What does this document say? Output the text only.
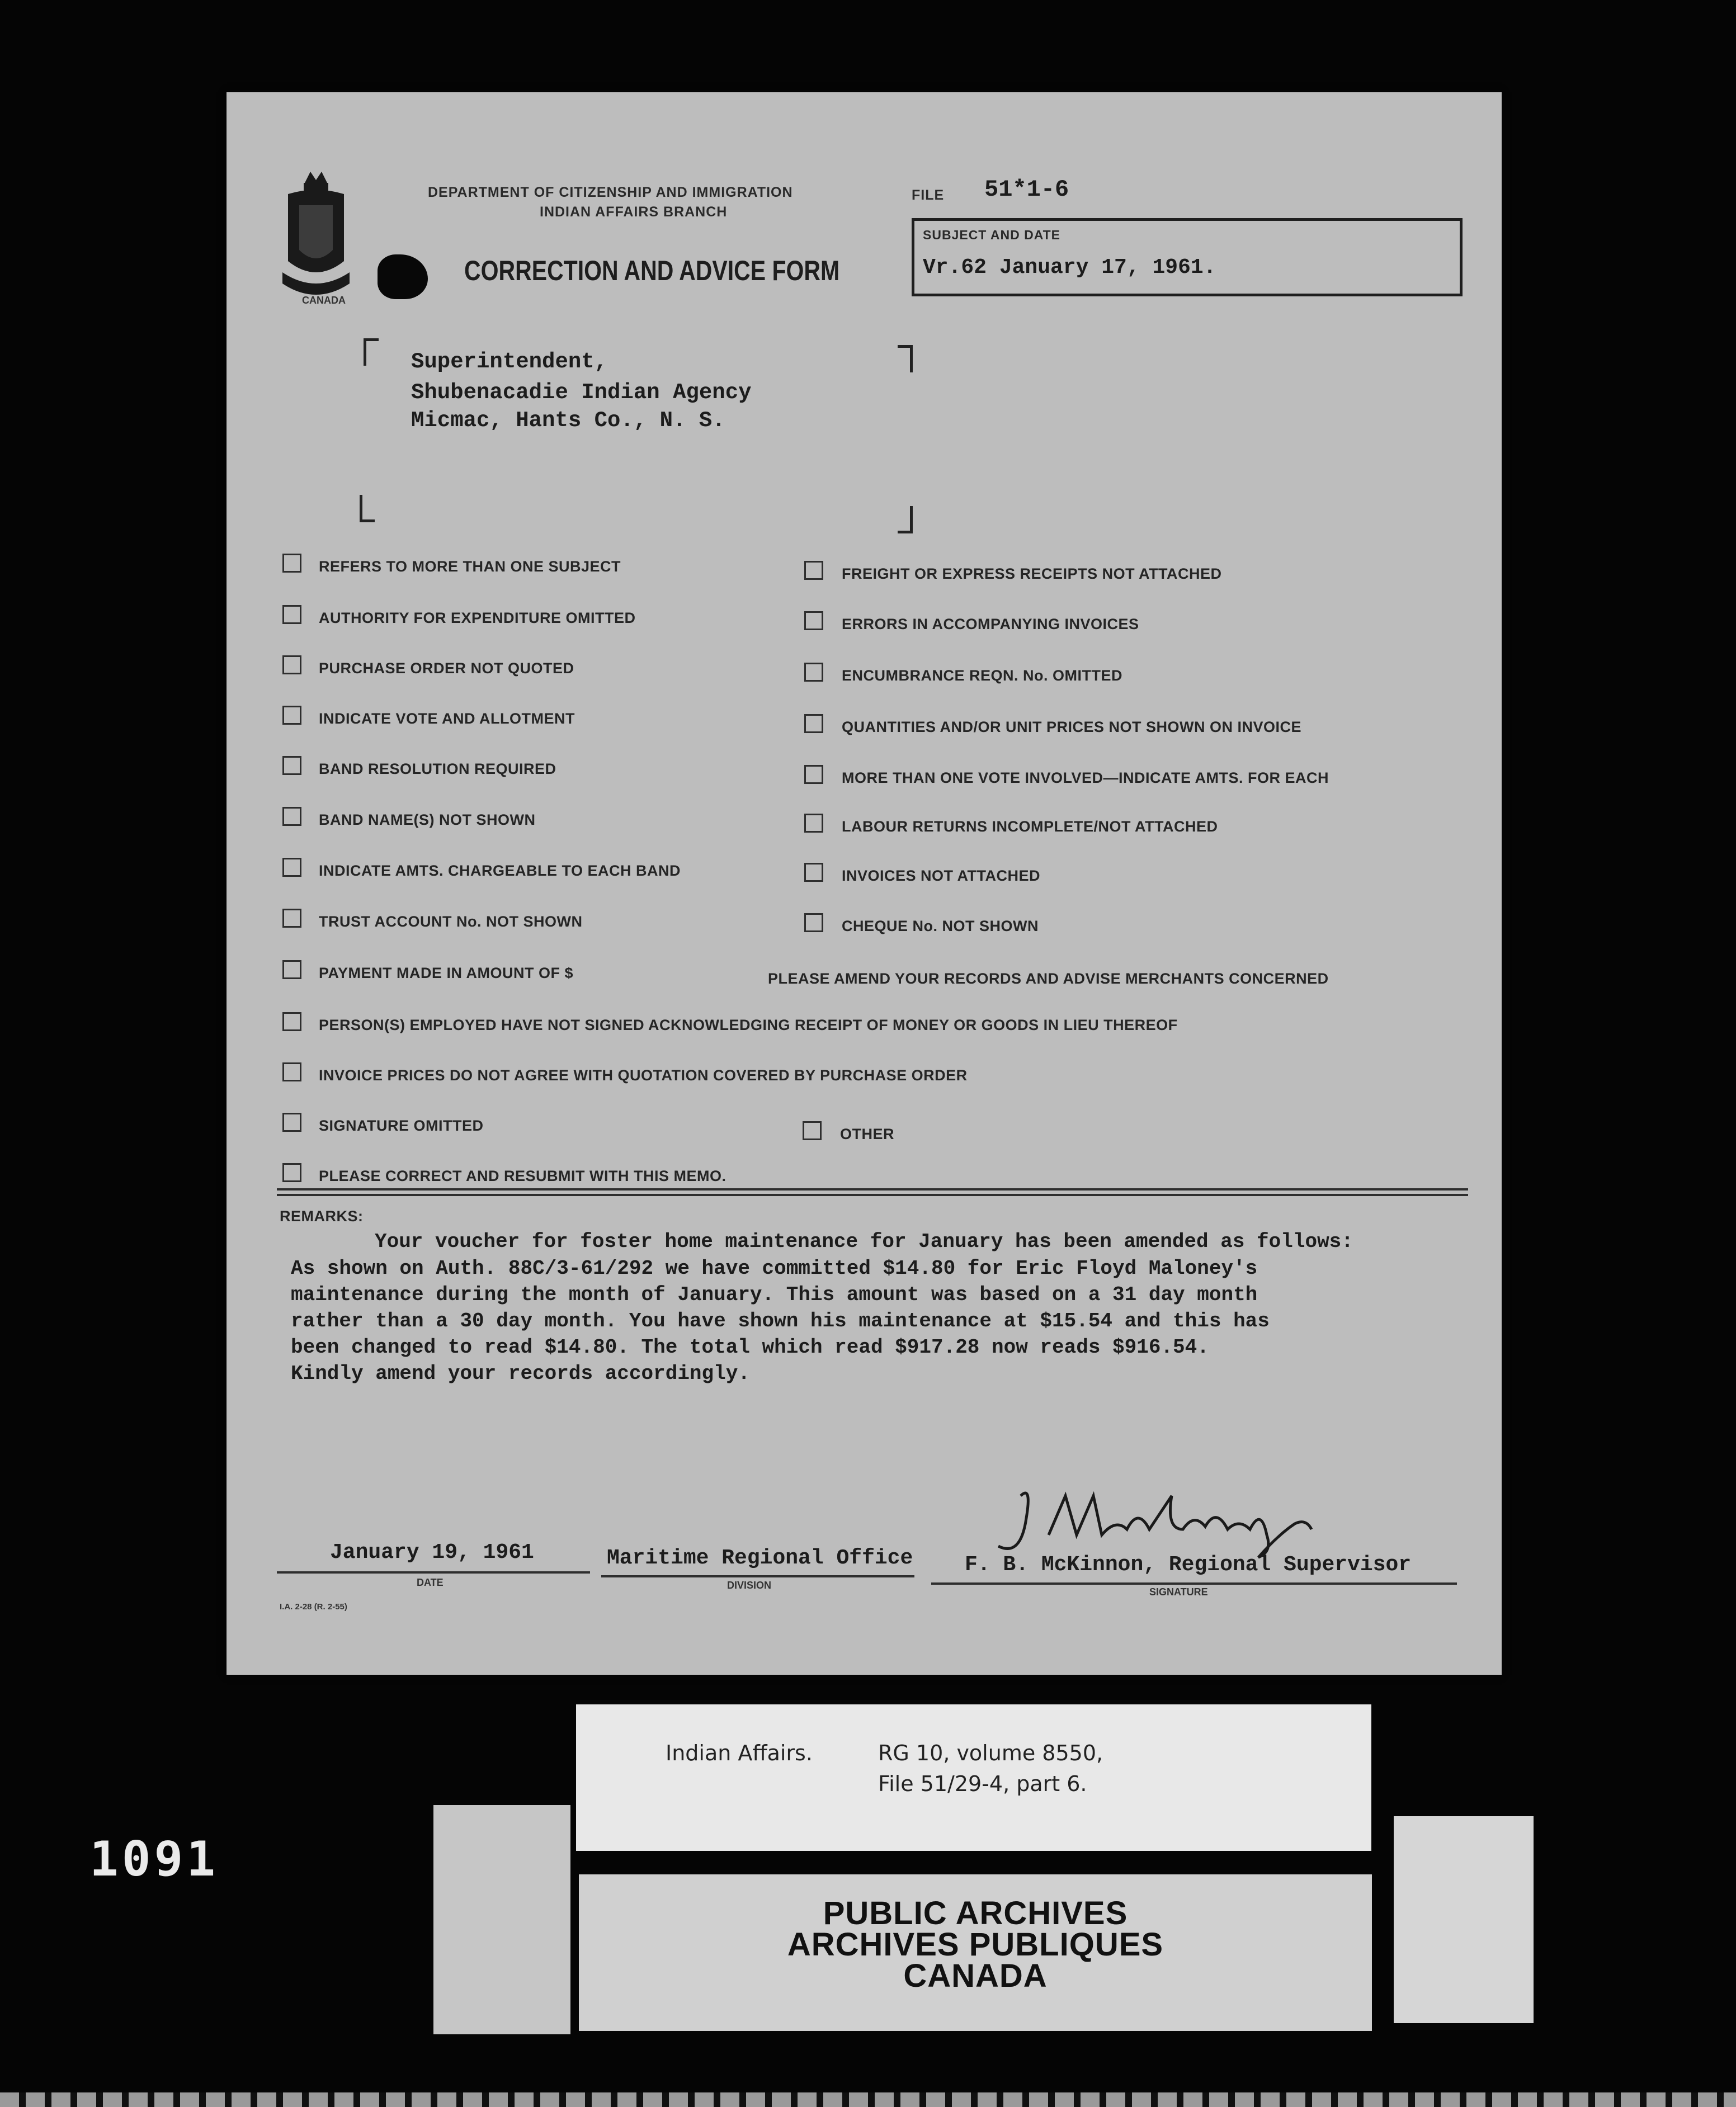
1091
CANADA
DEPARTMENT OF CITIZENSHIP AND IMMIGRATION
INDIAN AFFAIRS BRANCH
CORRECTION AND ADVICE FORM
FILE 51*1-6
SUBJECT AND DATE
Vr.62 January 17, 1961.
Superintendent,
Shubenacadie Indian Agency
Micmac, Hants Co., N. S.
REFERS TO MORE THAN ONE SUBJECT
AUTHORITY FOR EXPENDITURE OMITTED
PURCHASE ORDER NOT QUOTED
INDICATE VOTE AND ALLOTMENT
BAND RESOLUTION REQUIRED
BAND NAME(S) NOT SHOWN
INDICATE AMTS. CHARGEABLE TO EACH BAND
TRUST ACCOUNT No. NOT SHOWN
PAYMENT MADE IN AMOUNT OF $
FREIGHT OR EXPRESS RECEIPTS NOT ATTACHED
ERRORS IN ACCOMPANYING INVOICES
ENCUMBRANCE REQN. No. OMITTED
QUANTITIES AND/OR UNIT PRICES NOT SHOWN ON INVOICE
MORE THAN ONE VOTE INVOLVED—INDICATE AMTS. FOR EACH
LABOUR RETURNS INCOMPLETE/NOT ATTACHED
INVOICES NOT ATTACHED
CHEQUE No. NOT SHOWN
PLEASE AMEND YOUR RECORDS AND ADVISE MERCHANTS CONCERNED
PERSON(S) EMPLOYED HAVE NOT SIGNED ACKNOWLEDGING RECEIPT OF MONEY OR GOODS IN LIEU THEREOF
INVOICE PRICES DO NOT AGREE WITH QUOTATION COVERED BY PURCHASE ORDER
SIGNATURE OMITTED	OTHER
PLEASE CORRECT AND RESUBMIT WITH THIS MEMO.
REMARKS:
Your voucher for foster home maintenance for January has been amended as follows:
As shown on Auth. 88C/3-61/292 we have committed $14.80 for Eric Floyd Maloney's
maintenance during the month of January. This amount was based on a 31 day month
rather than a 30 day month. You have shown his maintenance at $15.54 and this has
been changed to read $14.80. The total which read $917.28 now reads $916.54.
Kindly amend your records accordingly.
January 19, 1961
DATE
Maritime Regional Office
DIVISION
F. B. McKinnon, Regional Supervisor
SIGNATURE
I.A. 2-28 (R. 2-55)
Indian Affairs.	RG 10, volume 8550,
File 51/29-4, part 6.
PUBLIC ARCHIVES
ARCHIVES PUBLIQUES
CANADA
